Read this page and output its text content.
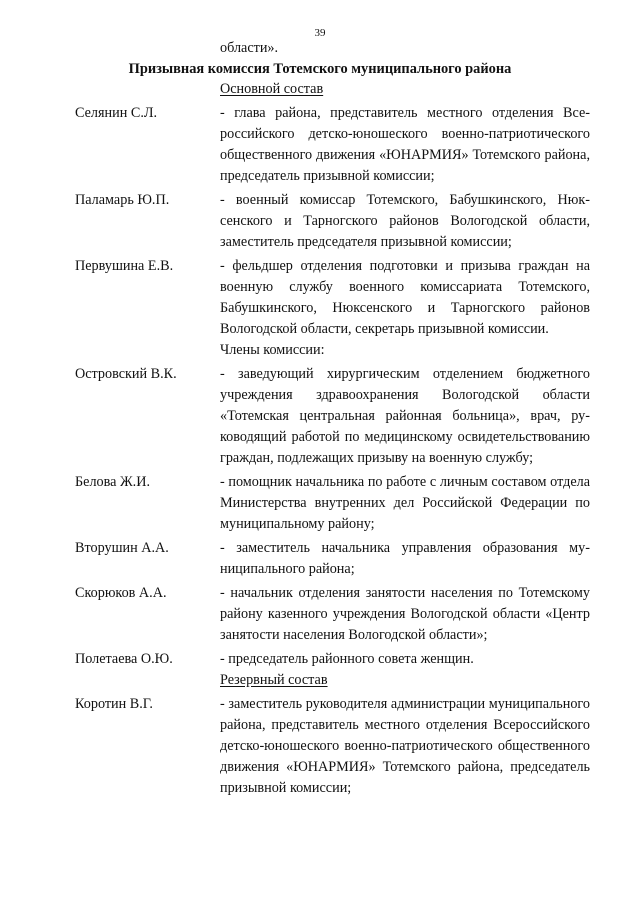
39
области».
Призывная комиссия Тотемского муниципального района
Основной состав
Селянин С.Л.	- глава района, представитель местного отделения Всероссийского детско-юношеского военно-патриотического общественного движения «ЮНАРМИЯ» Тотемского района, председатель призывной комиссии;
Паламарь Ю.П.	- военный комиссар Тотемского, Бабушкинского, Нюксенского и Тарногского районов Вологодской области, заместитель председателя призывной комиссии;
Первушина Е.В.	- фельдшер отделения подготовки и призыва граждан на военную службу военного комиссариата Тотемского, Бабушкинского, Нюксенского и Тарногского районов Вологодской области, секретарь призывной комиссии.
Члены комиссии:
Островский В.К.	- заведующий хирургическим отделением бюджетного учреждения здравоохранения Вологодской области «Тотемская центральная районная больница», врач, руководящий работой по медицинскому освидетельствованию граждан, подлежащих призыву на военную службу;
Белова Ж.И.	- помощник начальника по работе с личным составом отдела Министерства внутренних дел Российской Федерации по муниципальному району;
Вторушин А.А.	- заместитель начальника управления образования муниципального района;
Скорюков А.А.	- начальник отделения занятости населения по Тотемскому району казенного учреждения Вологодской области «Центр занятости населения Вологодской области»;
Полетаева О.Ю.	- председатель районного совета женщин.
Резервный состав
Коротин В.Г.	- заместитель руководителя администрации муниципального района, представитель местного отделения Всероссийского детско-юношеского военно-патриотического общественного движения «ЮНАРМИЯ» Тотемского района, председатель призывной комиссии;
